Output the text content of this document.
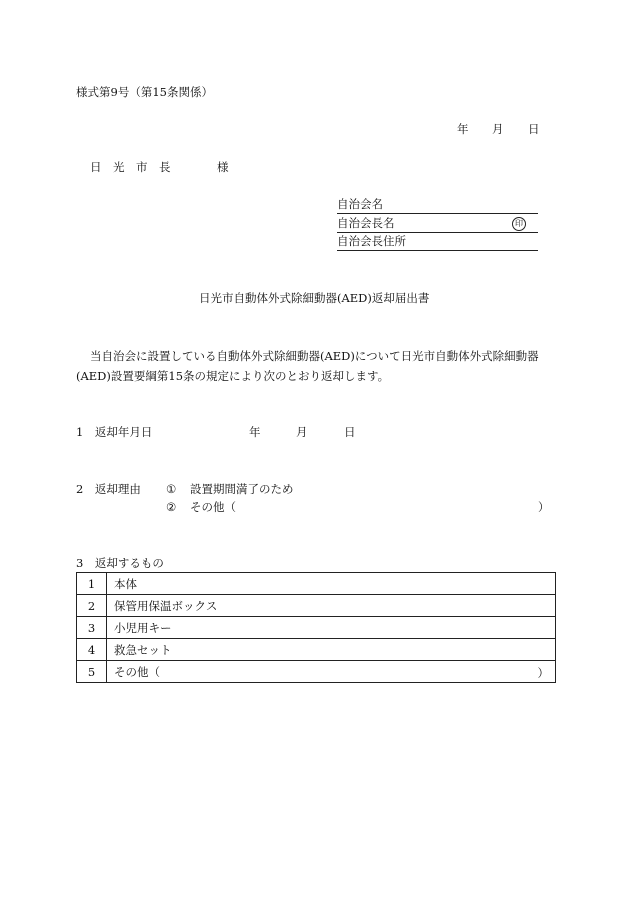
様式第9号（第15条関係）
年 月 日
日　光　市　長	様
自治会名
自治会長名	印
自治会長住所
日光市自動体外式除細動器(AED)返却届出書
当自治会に設置している自動体外式除細動器(AED)について日光市自動体外式除細動器
(AED)設置要綱第15条の規定により次のとおり返却します。
1　返却年月日	年	月	日
2　返却理由 ① 設置期間満了のため
② その他（	）
3　返却するもの
1	本体
2	保管用保温ボックス
3	小児用キー
4	救急セット
5	その他（ ）
